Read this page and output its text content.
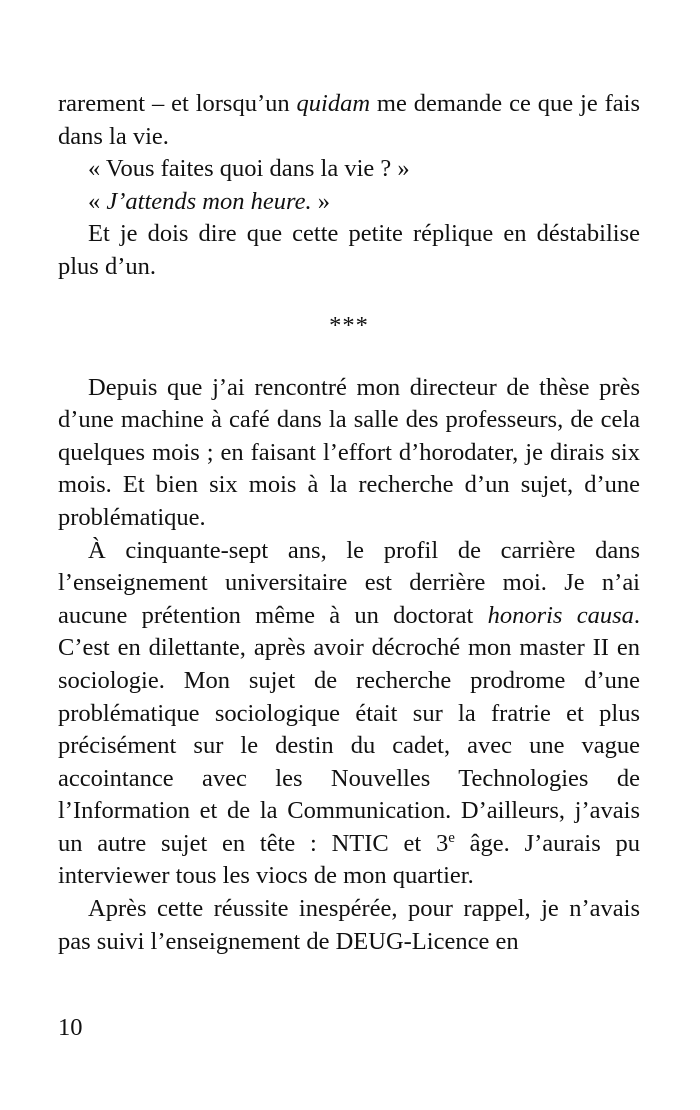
rarement – et lorsqu’un quidam me demande ce que je fais dans la vie.

« Vous faites quoi dans la vie ? »

« J’attends mon heure. »

Et je dois dire que cette petite réplique en déstabilise plus d’un.

***

Depuis que j’ai rencontré mon directeur de thèse près d’une machine à café dans la salle des professeurs, de cela quelques mois ; en faisant l’effort d’horodater, je dirais six mois. Et bien six mois à la recherche d’un sujet, d’une problématique.

À cinquante-sept ans, le profil de carrière dans l’enseignement universitaire est derrière moi. Je n’ai aucune prétention même à un doctorat honoris causa. C’est en dilettante, après avoir décroché mon master II en sociologie. Mon sujet de recherche prodrome d’une problématique sociologique était sur la fratrie et plus précisément sur le destin du cadet, avec une vague accointance avec les Nouvelles Technologies de l’Information et de la Communication. D’ailleurs, j’avais un autre sujet en tête : NTIC et 3e âge. J’aurais pu interviewer tous les viocs de mon quartier.

Après cette réussite inespérée, pour rappel, je n’avais pas suivi l’enseignement de DEUG-Licence en

10
